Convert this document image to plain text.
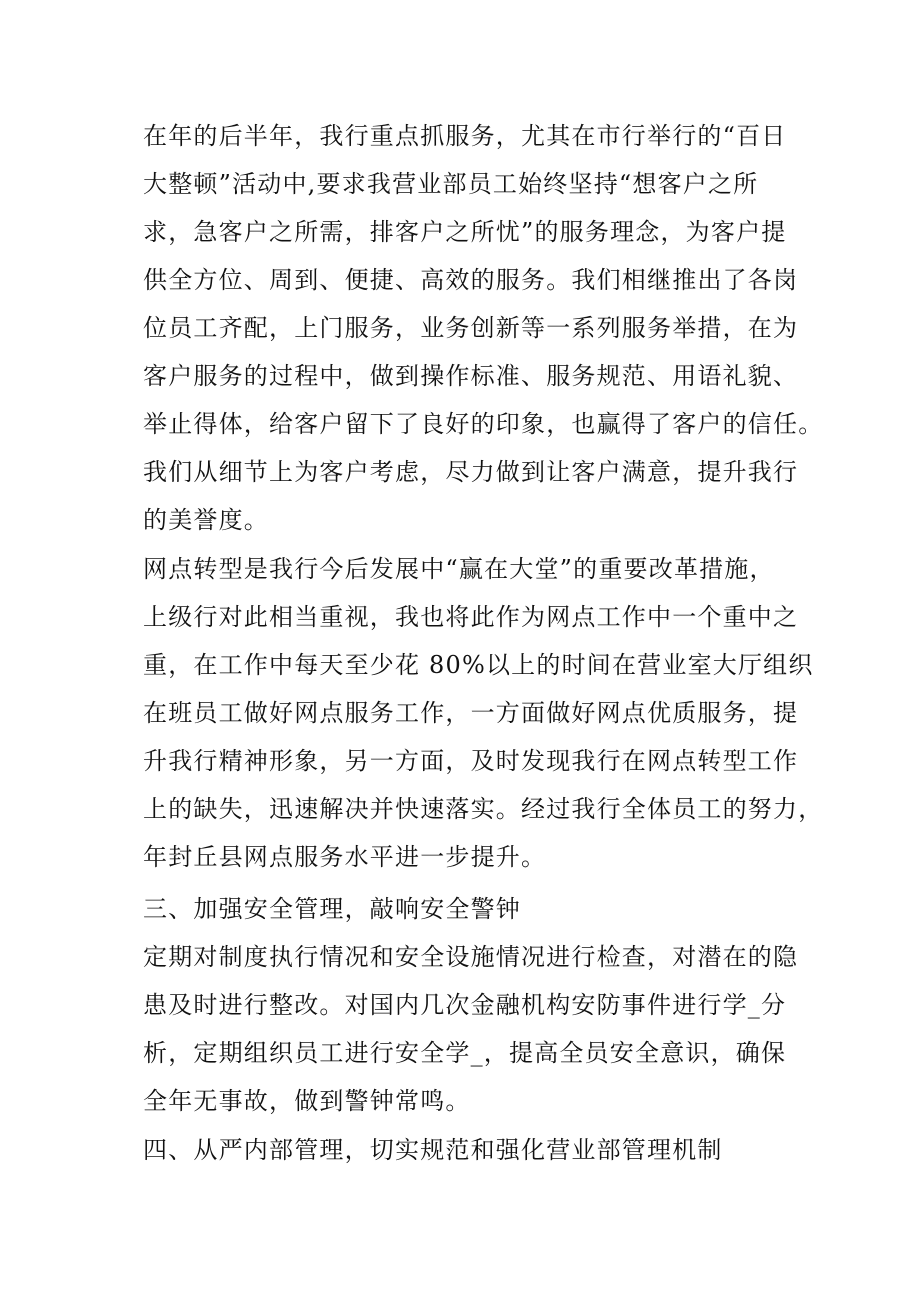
在年的后半年，我行重点抓服务，尤其在市行举行的“百日
大整顿”活动中,要求我营业部员工始终坚持“想客户之所
求，急客户之所需，排客户之所忧”的服务理念，为客户提
供全方位、周到、便捷、高效的服务。我们相继推出了各岗
位员工齐配，上门服务，业务创新等一系列服务举措，在为
客户服务的过程中，做到操作标准、服务规范、用语礼貌、
举止得体，给客户留下了良好的印象，也赢得了客户的信任。
我们从细节上为客户考虑，尽力做到让客户满意，提升我行
的美誉度。
网点转型是我行今后发展中“赢在大堂”的重要改革措施，
上级行对此相当重视，我也将此作为网点工作中一个重中之
重，在工作中每天至少花 80%以上的时间在营业室大厅组织
在班员工做好网点服务工作，一方面做好网点优质服务，提
升我行精神形象，另一方面，及时发现我行在网点转型工作
上的缺失，迅速解决并快速落实。经过我行全体员工的努力，
年封丘县网点服务水平进一步提升。
三、加强安全管理，敲响安全警钟
定期对制度执行情况和安全设施情况进行检查，对潜在的隐
患及时进行整改。对国内几次金融机构安防事件进行学_分
析，定期组织员工进行安全学_，提高全员安全意识，确保
全年无事故，做到警钟常鸣。
四、从严内部管理，切实规范和强化营业部管理机制
